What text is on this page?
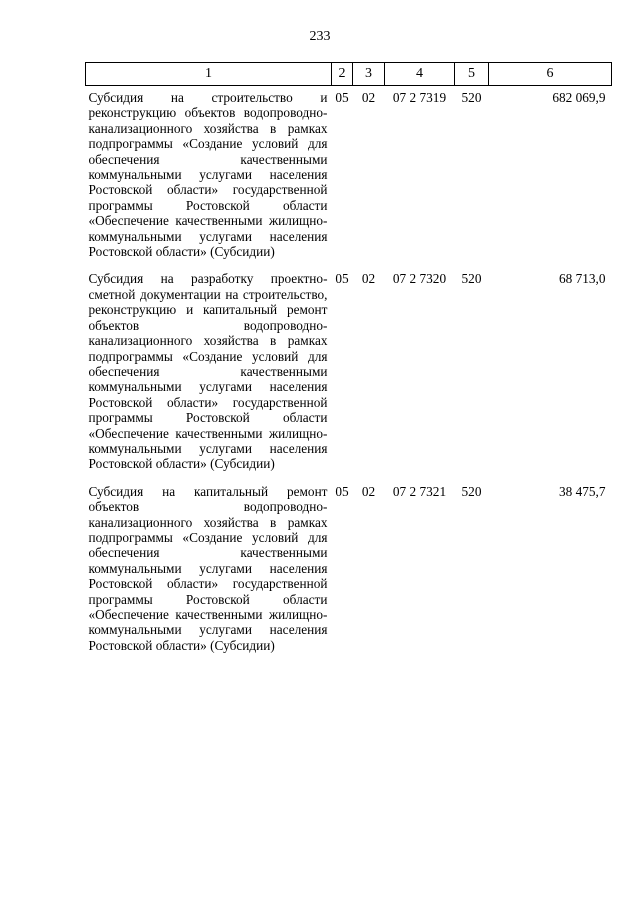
233
1	2	3	4	5	6
Субсидия на строительство и реконструкцию объектов водопроводно-канализационного хозяйства в рамках подпрограммы «Создание условий для обеспечения качественными коммунальными услугами населения Ростовской области» государственной программы Ростовской области «Обеспечение качественными жилищно-коммунальными услугами населения Ростовской области» (Субсидии)	05	02	07 2 7319	520	682 069,9
Субсидия на разработку проектно-сметной документации на строительство, реконструкцию и капитальный ремонт объектов водопроводно-канализационного хозяйства в рамках подпрограммы «Создание условий для обеспечения качественными коммунальными услугами населения Ростовской области» государственной программы Ростовской области «Обеспечение качественными жилищно-коммунальными услугами населения Ростовской области» (Субсидии)	05	02	07 2 7320	520	68 713,0
Субсидия на капитальный ремонт объектов водопроводно-канализационного хозяйства в рамках подпрограммы «Создание условий для обеспечения качественными коммунальными услугами населения Ростовской области» государственной программы Ростовской области «Обеспечение качественными жилищно-коммунальными услугами населения Ростовской области» (Субсидии)	05	02	07 2 7321	520	38 475,7
